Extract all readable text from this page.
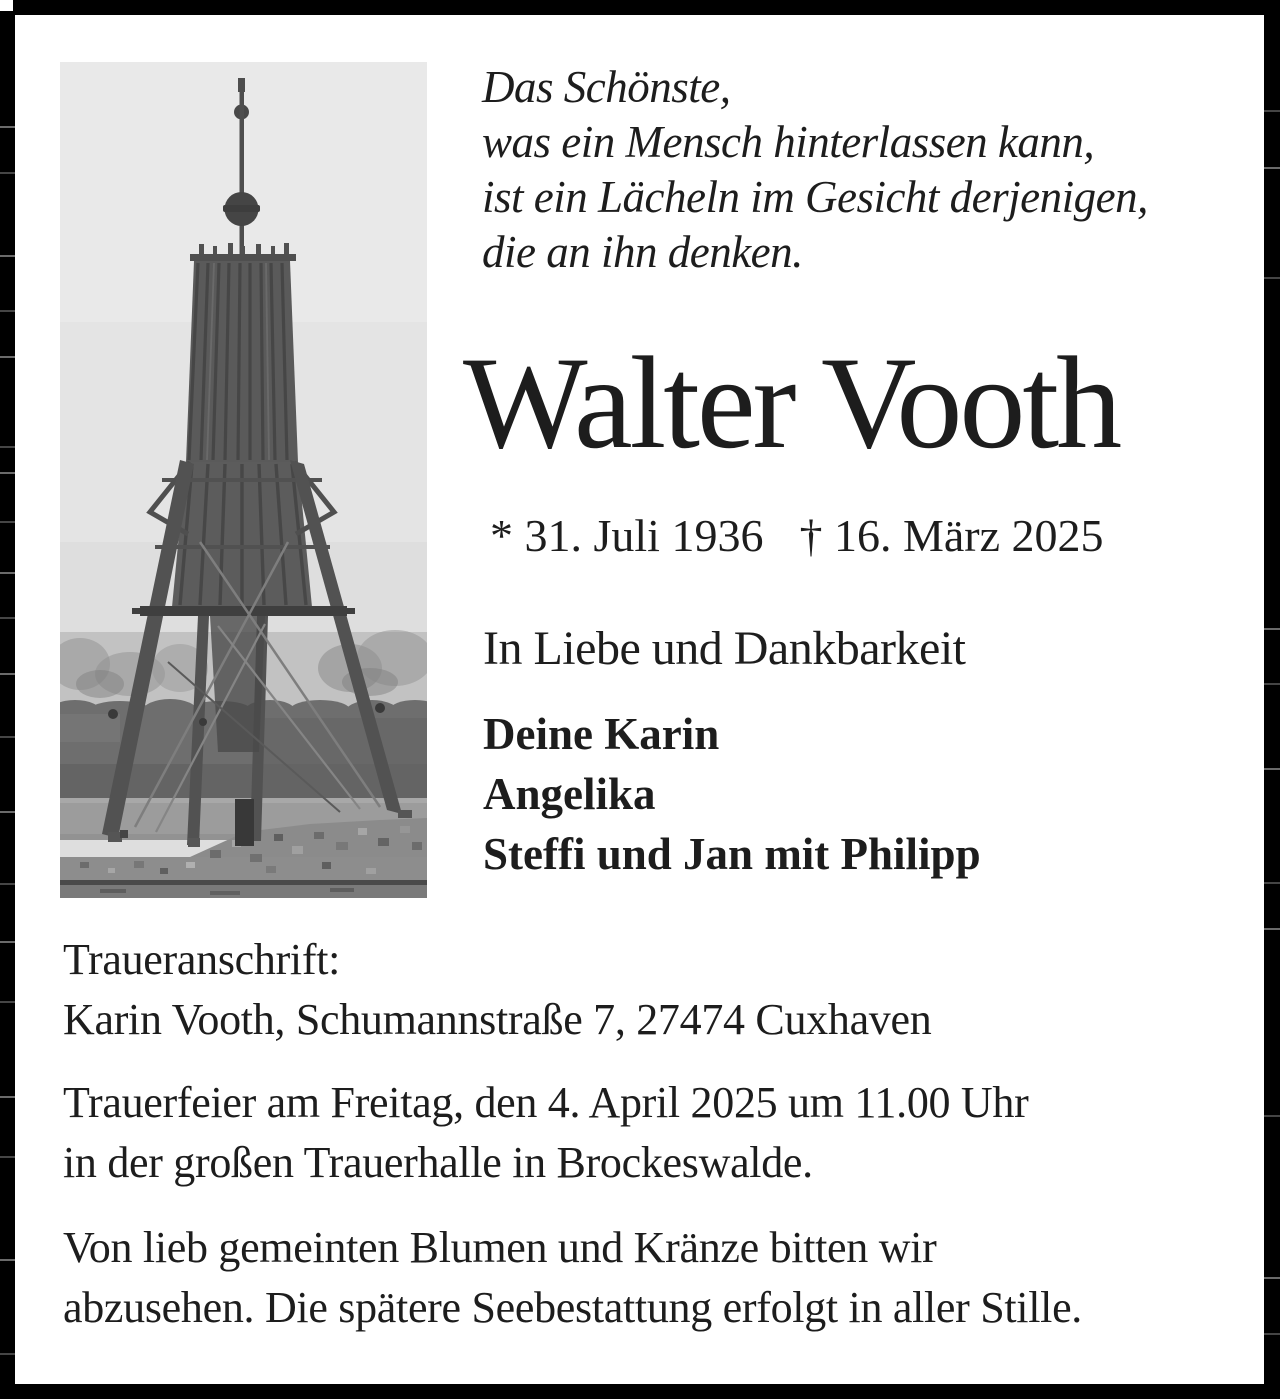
Das Schönste,
was ein Mensch hinterlassen kann,
ist ein Lächeln im Gesicht derjenigen,
die an ihn denken.
Walter Vooth
* 31. Juli 1936 † 16. März 2025
In Liebe und Dankbarkeit
Deine Karin
Angelika
Steffi und Jan mit Philipp
Traueranschrift:
Karin Vooth, Schumannstraße 7, 27474 Cuxhaven
Trauerfeier am Freitag, den 4. April 2025 um 11.00 Uhr
in der großen Trauerhalle in Brockeswalde.
Von lieb gemeinten Blumen und Kränze bitten wir
abzusehen. Die spätere Seebestattung erfolgt in aller Stille.
